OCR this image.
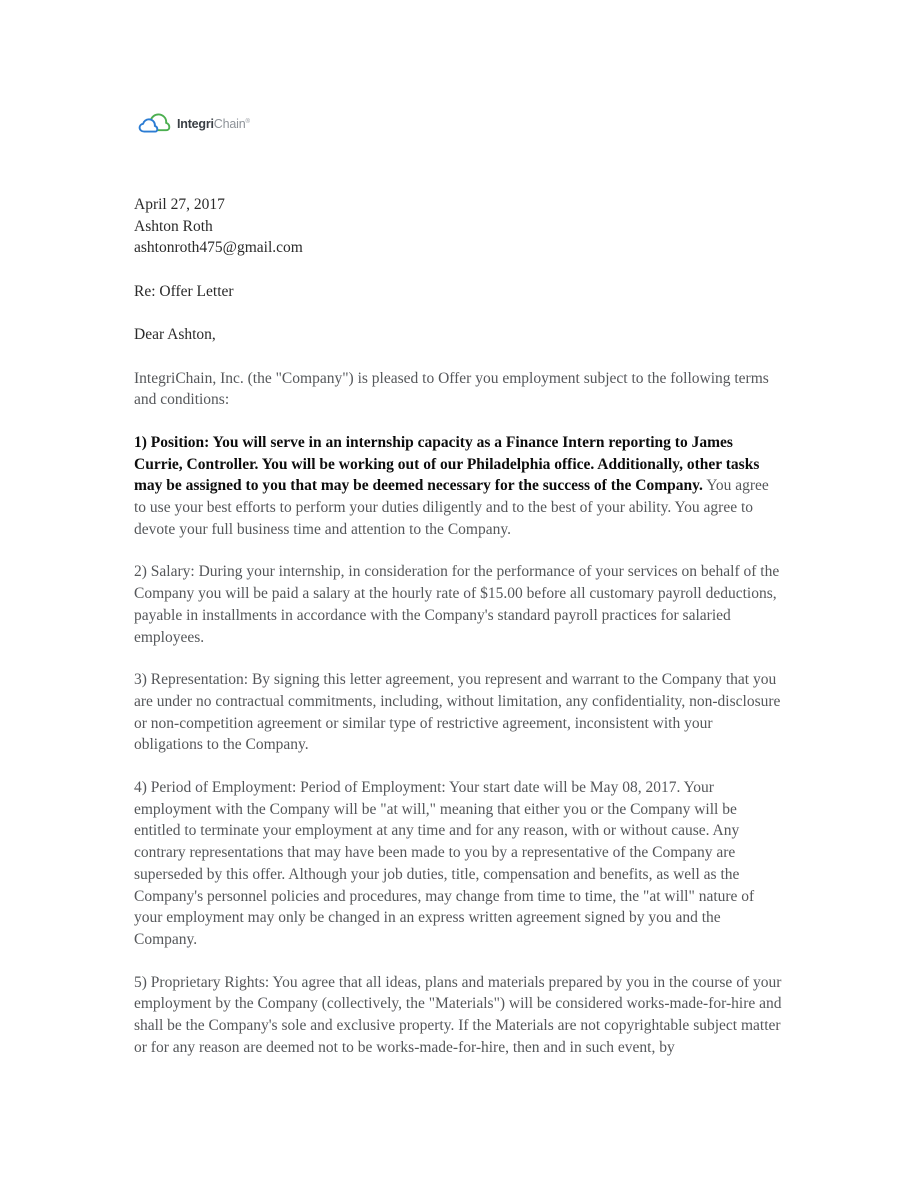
IntegriChain®
April 27, 2017
Ashton Roth
ashtonroth475@gmail.com
Re: Offer Letter
Dear Ashton,

IntegriChain, Inc. (the "Company") is pleased to Offer you employment subject to the following terms and conditions:

1) Position: You will serve in an internship capacity as a Finance Intern reporting to James Currie, Controller. You will be working out of our Philadelphia office. Additionally, other tasks may be assigned to you that may be deemed necessary for the success of the Company. You agree to use your best efforts to perform your duties diligently and to the best of your ability. You agree to devote your full business time and attention to the Company.

2) Salary: During your internship, in consideration for the performance of your services on behalf of the Company you will be paid a salary at the hourly rate of $15.00 before all customary payroll deductions, payable in installments in accordance with the Company's standard payroll practices for salaried employees.

3) Representation: By signing this letter agreement, you represent and warrant to the Company that you are under no contractual commitments, including, without limitation, any confidentiality, non-disclosure or non-competition agreement or similar type of restrictive agreement, inconsistent with your obligations to the Company.

4) Period of Employment: Period of Employment: Your start date will be May 08, 2017. Your employment with the Company will be "at will," meaning that either you or the Company will be entitled to terminate your employment at any time and for any reason, with or without cause. Any contrary representations that may have been made to you by a representative of the Company are superseded by this offer. Although your job duties, title, compensation and benefits, as well as the Company's personnel policies and procedures, may change from time to time, the "at will" nature of your employment may only be changed in an express written agreement signed by you and the Company.

5) Proprietary Rights: You agree that all ideas, plans and materials prepared by you in the course of your employment by the Company (collectively, the "Materials") will be considered works-made-for-hire and shall be the Company's sole and exclusive property. If the Materials are not copyrightable subject matter or for any reason are deemed not to be works-made-for-hire, then and in such event, by
